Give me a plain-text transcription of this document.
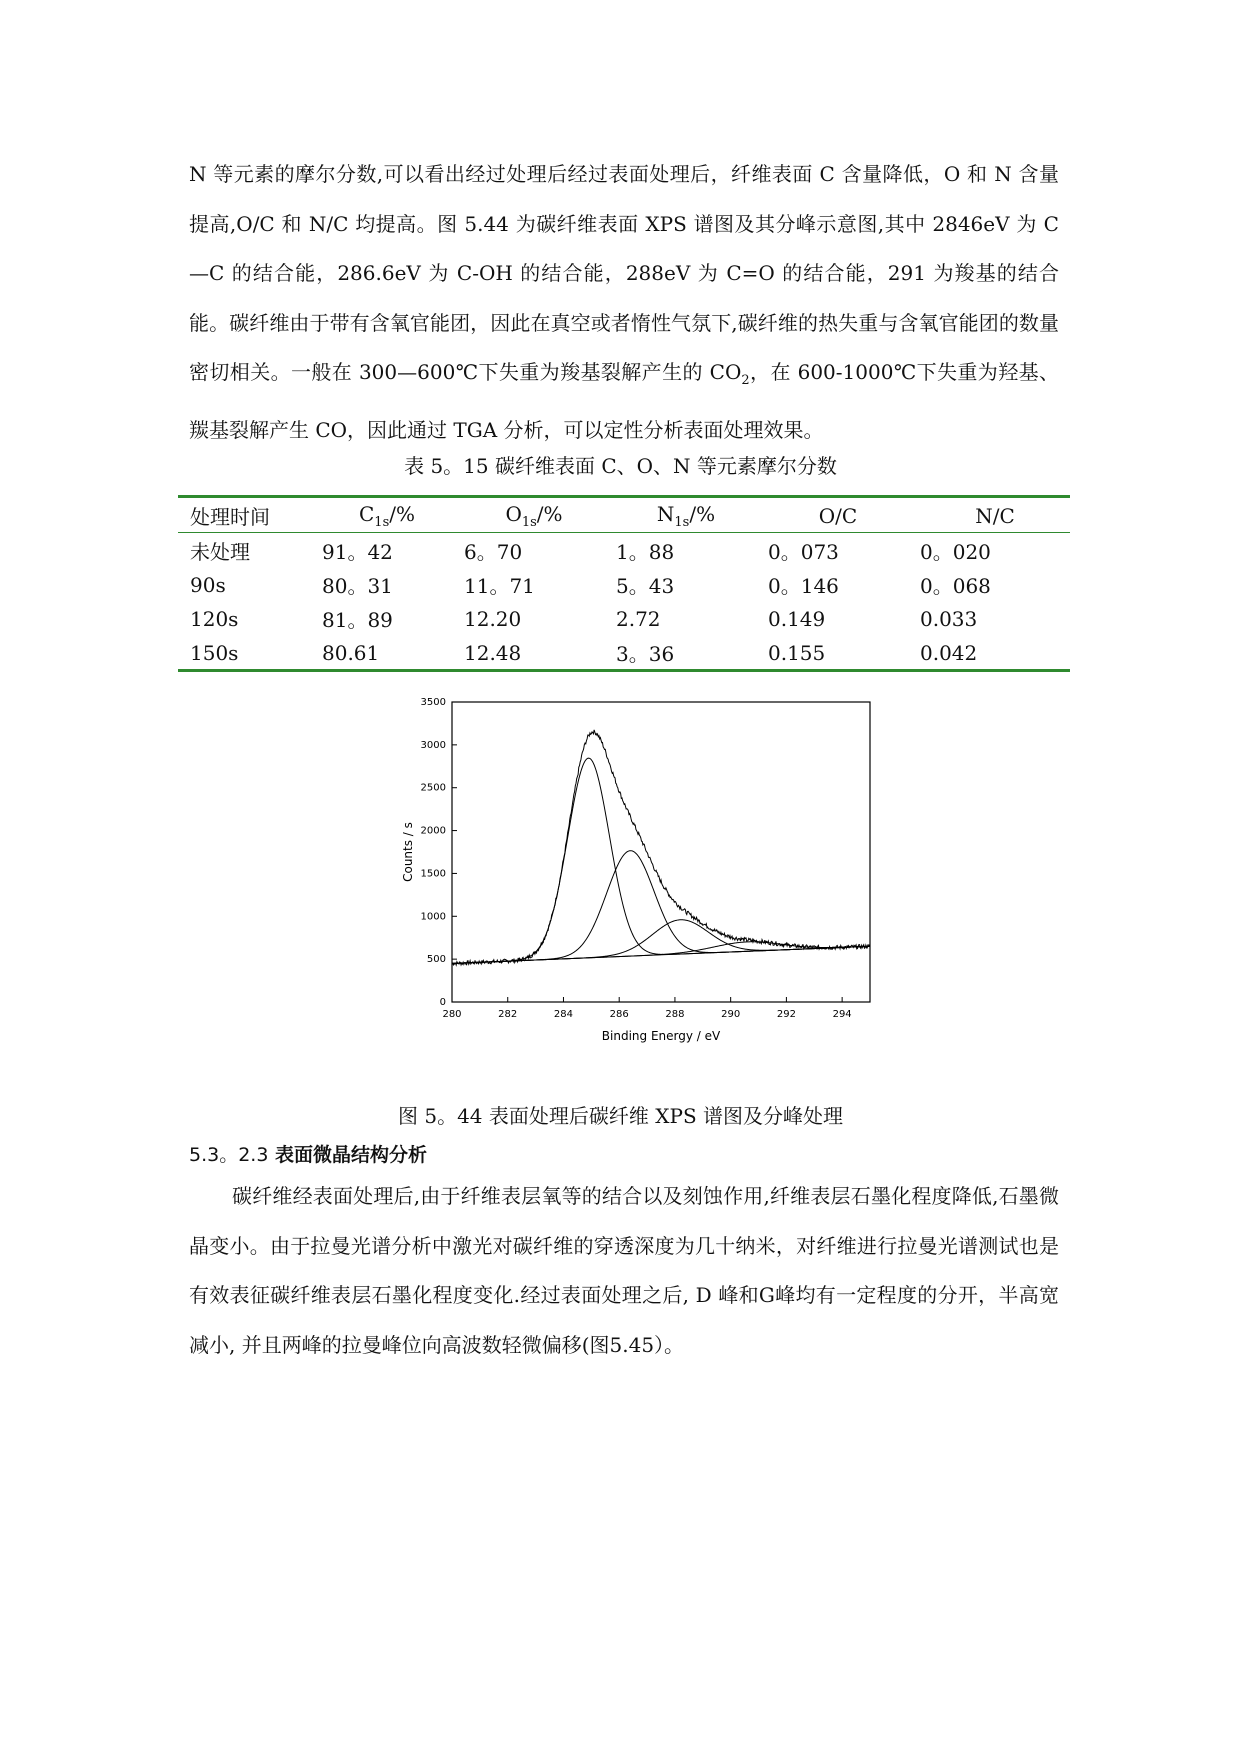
N 等元素的摩尔分数,可以看出经过处理后经过表面处理后，纤维表面 C 含量降低，O 和 N 含量提高,O/C 和 N/C 均提高。图 5.44 为碳纤维表面 XPS 谱图及其分峰示意图,其中 2846eV 为 C—C 的结合能，286.6eV 为 C-OH 的结合能，288eV 为 C=O 的结合能，291 为羧基的结合能。碳纤维由于带有含氧官能团，因此在真空或者惰性气氛下,碳纤维的热失重与含氧官能团的数量密切相关。一般在 300—600℃下失重为羧基裂解产生的 $CO_2$，在 600-1000℃下失重为羟基、羰基裂解产生 CO，因此通过 TGA 分析，可以定性分析表面处理效果。

表 5。15 碳纤维表面 C、O、N 等元素摩尔分数
处理时间	$C_{1s}/\%$	$O_{1s}/\%$	$N_{1s}/\%$	O/C	N/C
未处理	91。42	6。70	1。88	0。073	0。020
90s	80。31	11。71	5。43	0。146	0。068
120s	81。89	12.20	2.72	0.149	0.033
150s	80.61	12.48	3。36	0.155	0.042
280	282	284	286	288	290	292	294
0
500
1000
1500
2000
2500
3000
3500
Binding Energy / eV
Counts / s
图 5。44 表面处理后碳纤维 XPS 谱图及分峰处理
5.3。2.3 表面微晶结构分析

碳纤维经表面处理后,由于纤维表层氧等的结合以及刻蚀作用,纤维表层石墨化程度降低,石墨微晶变小。由于拉曼光谱分析中激光对碳纤维的穿透深度为几十纳米，对纤维进行拉曼光谱测试也是有效表征碳纤维表层石墨化程度变化.经过表面处理之后, D 峰和G峰均有一定程度的分开，半高宽减小, 并且两峰的拉曼峰位向高波数轻微偏移(图5.45）。
